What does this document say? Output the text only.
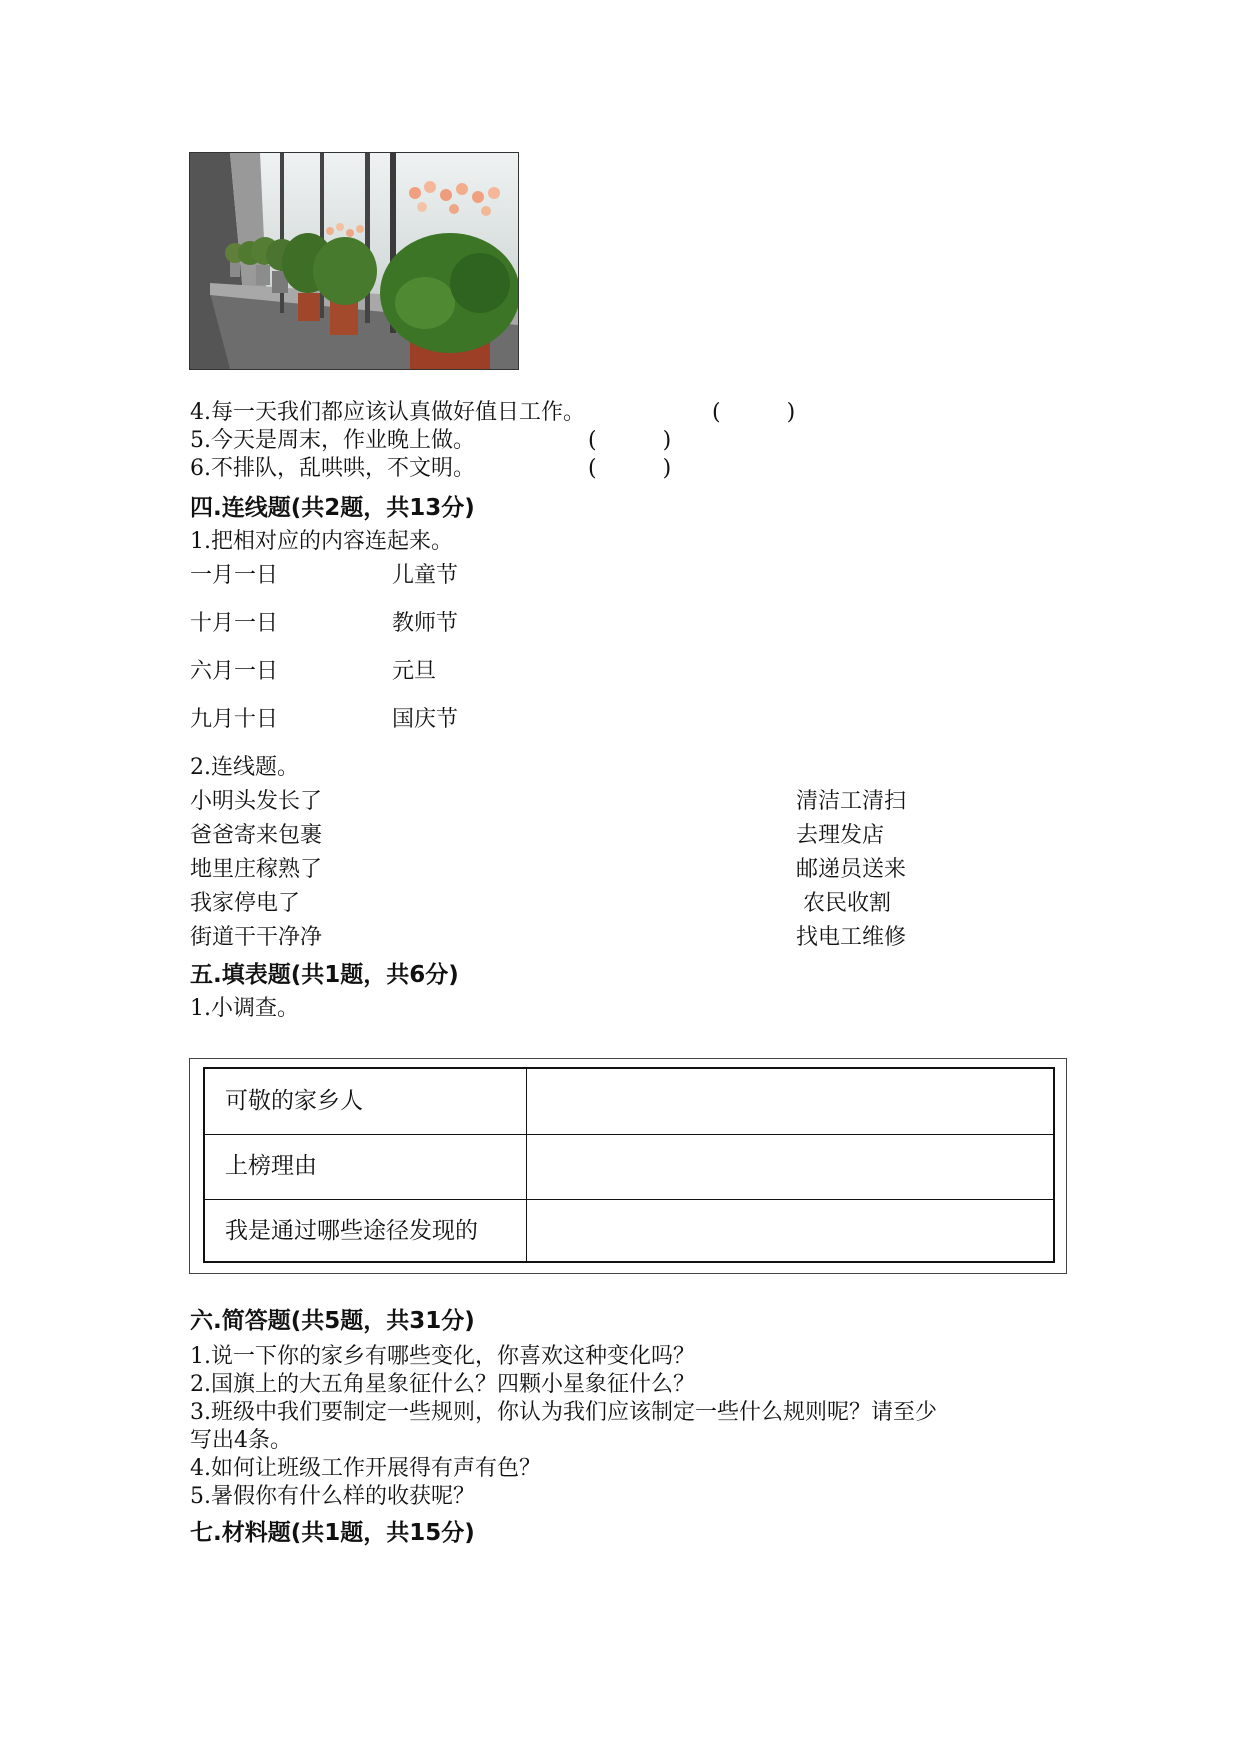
4.每一天我们都应该认真做好值日工作。	(　　　)
5.今天是周末，作业晚上做。	(　　　)
6.不排队，乱哄哄，不文明。	(　　　)
四.连线题(共2题，共13分)
1.把相对应的内容连起来。
一月一日	儿童节
十月一日	教师节
六月一日	元旦
九月十日	国庆节
2.连线题。
小明头发长了	清洁工清扫
爸爸寄来包裹	去理发店
地里庄稼熟了	邮递员送来
我家停电了	农民收割
街道干干净净	找电工维修
五.填表题(共1题，共6分)
1.小调查。
可敬的家乡人
上榜理由
我是通过哪些途径发现的
六.简答题(共5题，共31分)
1.说一下你的家乡有哪些变化，你喜欢这种变化吗？
2.国旗上的大五角星象征什么？四颗小星象征什么？
3.班级中我们要制定一些规则，你认为我们应该制定一些什么规则呢？请至少
写出4条。
4.如何让班级工作开展得有声有色？
5.暑假你有什么样的收获呢？
七.材料题(共1题，共15分)
